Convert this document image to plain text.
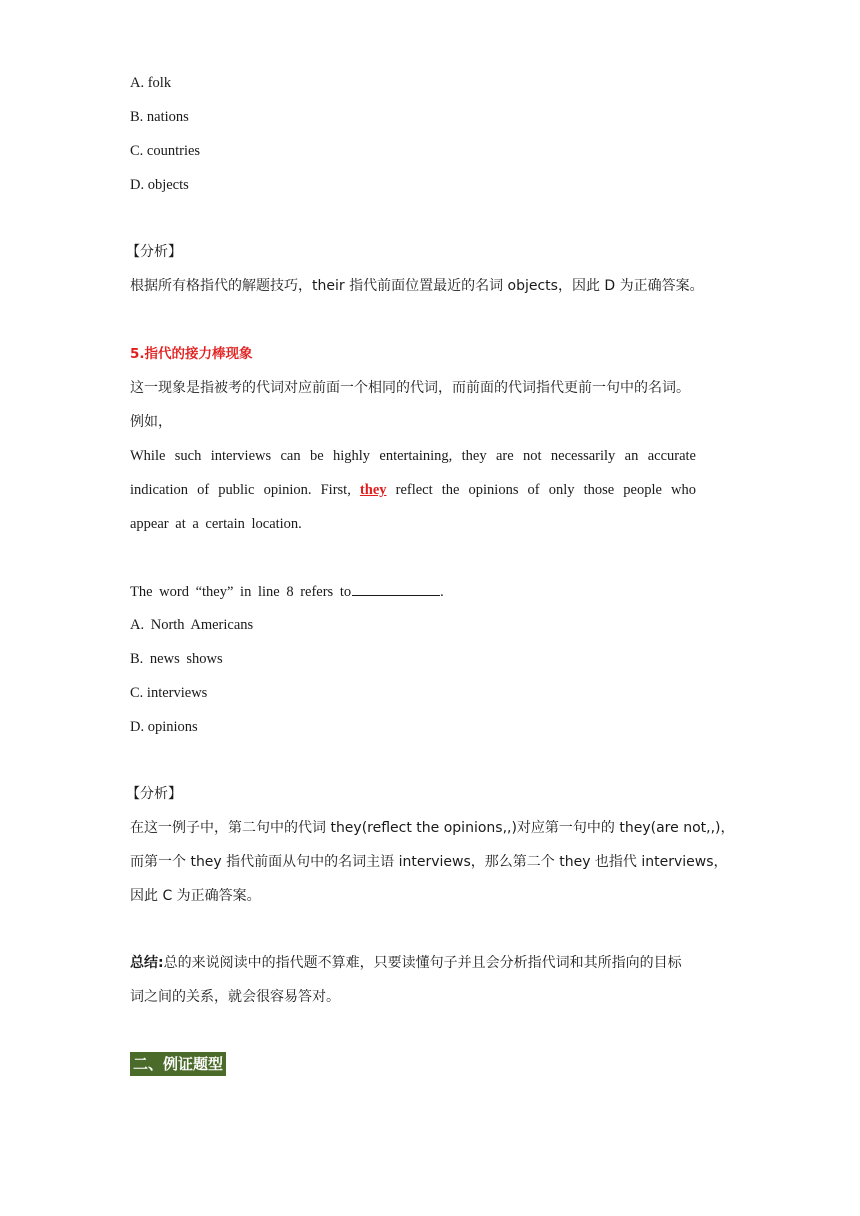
A. folk
B. nations
C. countries
D. objects
【分析】
根据所有格指代的解题技巧，their 指代前面位置最近的名词 objects，因此 D 为正确答案。
5.指代的接力棒现象
这一现象是指被考的代词对应前面一个相同的代词，而前面的代词指代更前一句中的名词。
例如，
While such interviews can be highly entertaining, they are not necessarily an accurate
indication of public opinion. First, they reflect the opinions of only those people who
appear at a certain location.
The word “they” in line 8 refers to	.
A. North Americans
B. news shows
C. interviews
D. opinions
【分析】
在这一例子中，第二句中的代词 they(reflect the opinions,,)对应第一句中的 they(are not,,)，
而第一个 they 指代前面从句中的名词主语 interviews，那么第二个 they 也指代 interviews，
因此 C 为正确答案。
总结:总的来说阅读中的指代题不算难，只要读懂句子并且会分析指代词和其所指向的目标
词之间的关系，就会很容易答对。
二、例证题型
